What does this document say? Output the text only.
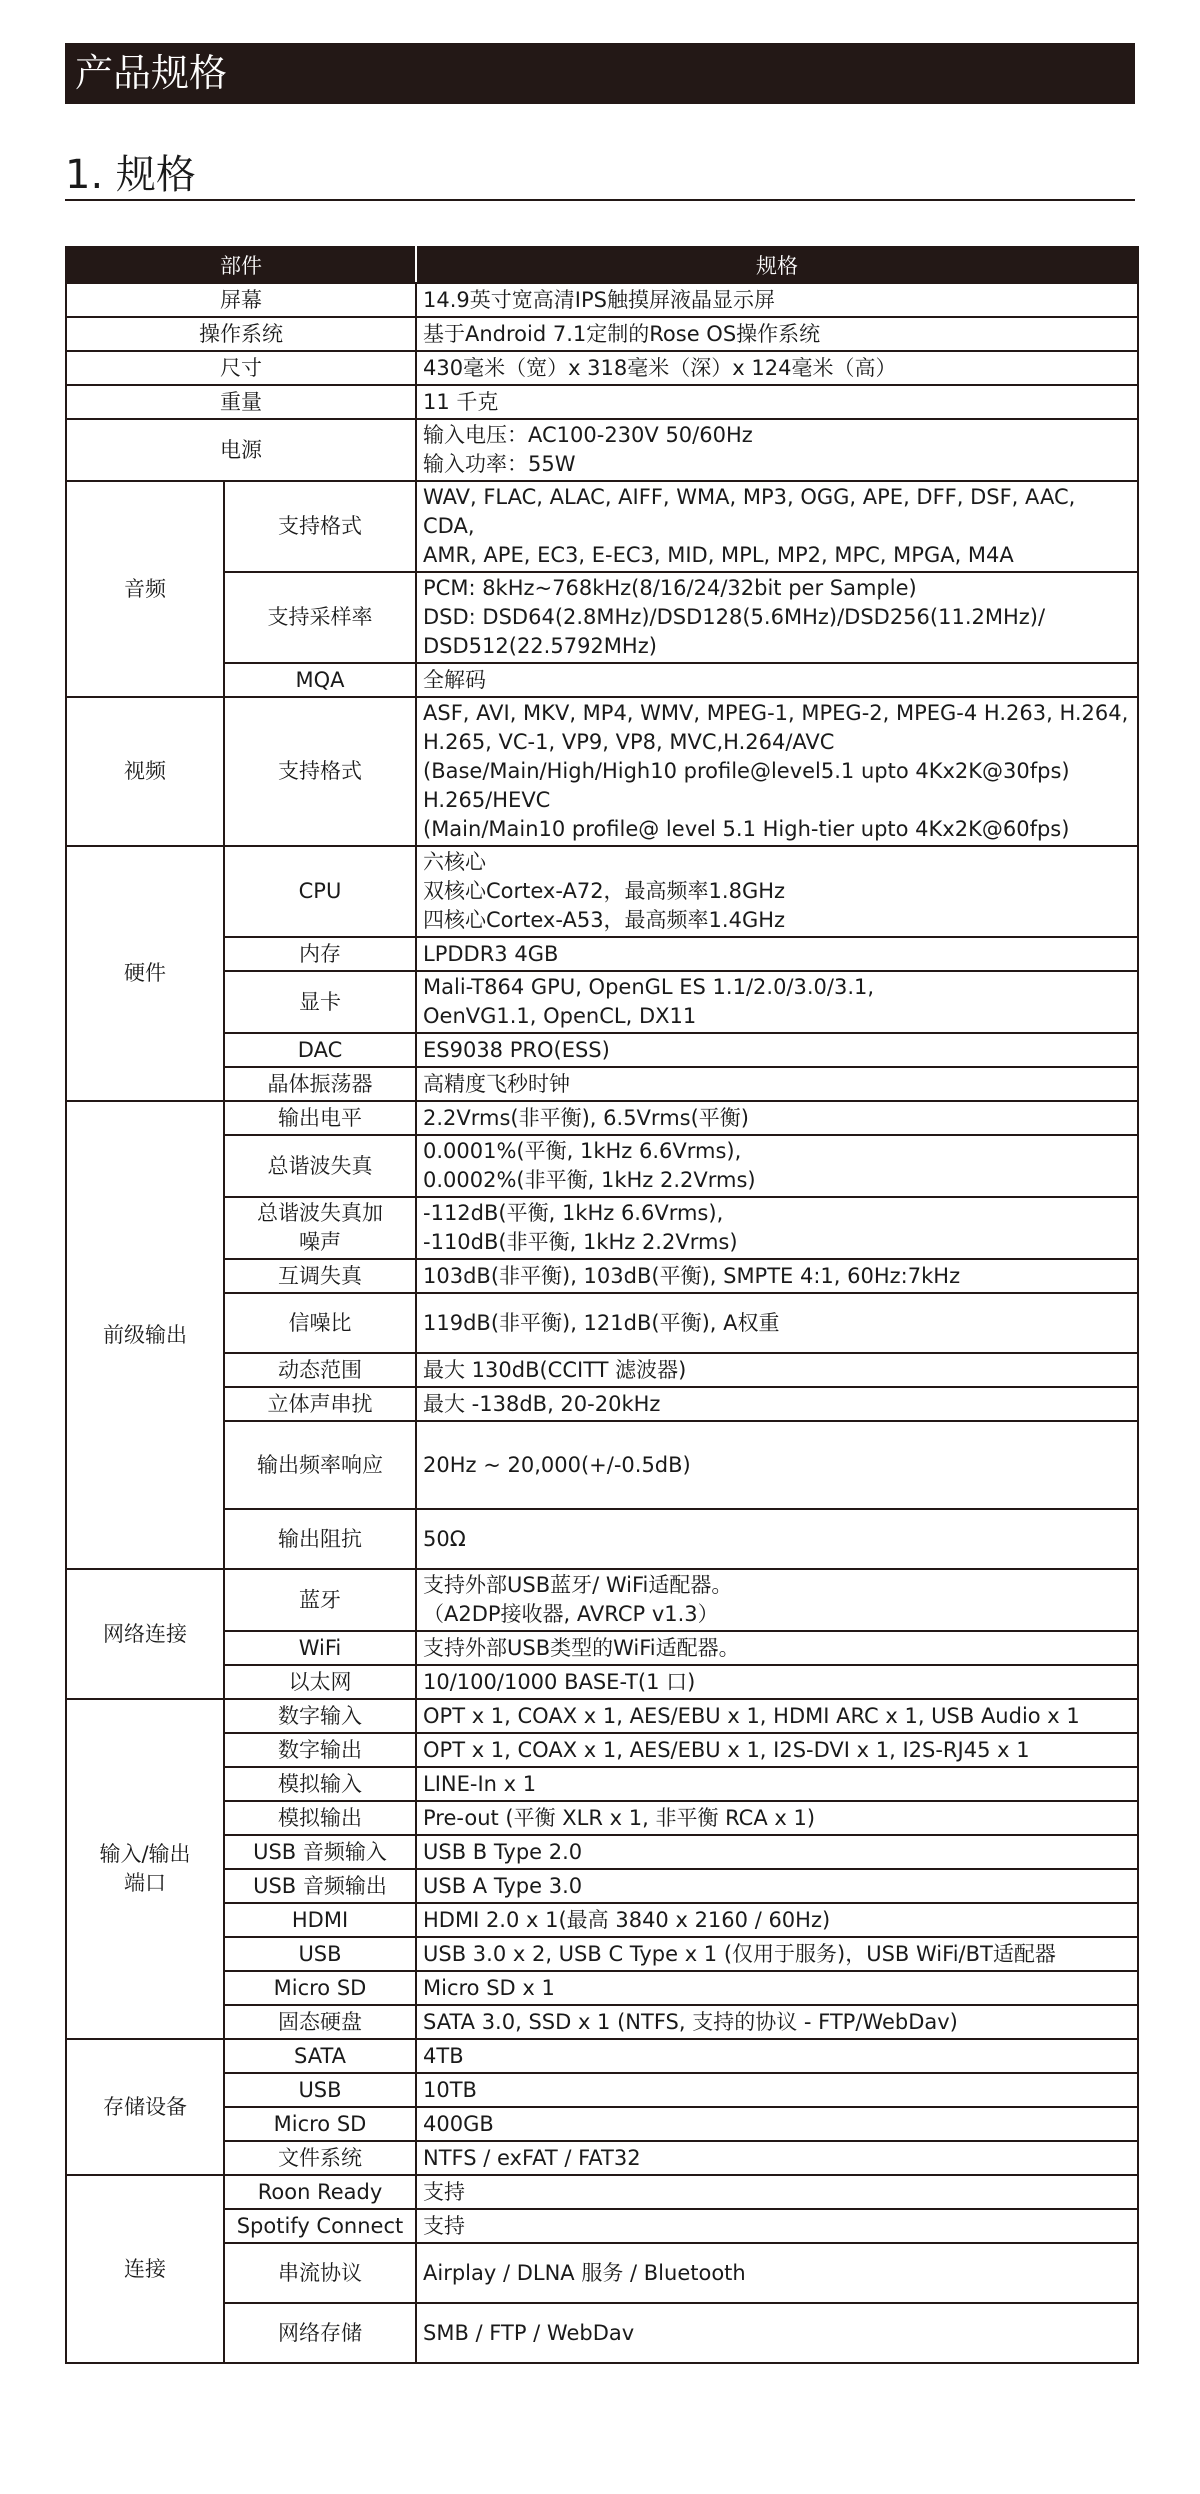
产品规格
1. 规格
部件		规格
屏幕		14.9英寸宽高清IPS触摸屏液晶显示屏
操作系统		基于Android 7.1定制的Rose OS操作系统
尺寸		430毫米（宽）x 318毫米（深）x 124毫米（高）
重量		11 千克
电源		输入电压：AC100-230V 50/60Hz
输入功率：55W
音频	支持格式	WAV, FLAC, ALAC, AIFF, WMA, MP3, OGG, APE, DFF, DSF, AAC, CDA,
AMR, APE, EC3, E-EC3, MID, MPL, MP2, MPC, MPGA, M4A
	支持采样率	PCM: 8kHz~768kHz(8/16/24/32bit per Sample)
DSD: DSD64(2.8MHz)/DSD128(5.6MHz)/DSD256(11.2MHz)/
DSD512(22.5792MHz)
	MQA	全解码
视频	支持格式	ASF, AVI, MKV, MP4, WMV, MPEG-1, MPEG-2, MPEG-4 H.263, H.264,
H.265, VC-1, VP9, VP8, MVC,H.264/AVC
(Base/Main/High/High10 profile@level5.1 upto 4Kx2K@30fps)
H.265/HEVC
(Main/Main10 profile@ level 5.1 High-tier upto 4Kx2K@60fps)
硬件	CPU	六核心
双核心Cortex-A72，最高频率1.8GHz
四核心Cortex-A53，最高频率1.4GHz
	内存	LPDDR3 4GB
	显卡	Mali-T864 GPU, OpenGL ES 1.1/2.0/3.0/3.1,
OenVG1.1, OpenCL, DX11
	DAC	ES9038 PRO(ESS)
	晶体振荡器	高精度飞秒时钟
前级输出	输出电平	2.2Vrms(非平衡), 6.5Vrms(平衡)
	总谐波失真	0.0001%(平衡, 1kHz 6.6Vrms),
0.0002%(非平衡, 1kHz 2.2Vrms)
	总谐波失真加
噪声	-112dB(平衡, 1kHz 6.6Vrms),
-110dB(非平衡, 1kHz 2.2Vrms)
	互调失真	103dB(非平衡), 103dB(平衡), SMPTE 4:1, 60Hz:7kHz
	信噪比	119dB(非平衡), 121dB(平衡), A权重
	动态范围	最大 130dB(CCITT 滤波器)
	立体声串扰	最大 -138dB, 20-20kHz
	输出频率响应	20Hz ~ 20,000(+/-0.5dB)
	输出阻抗	50Ω
网络连接	蓝牙	支持外部USB蓝牙/ WiFi适配器。
（A2DP接收器, AVRCP v1.3）
	WiFi	支持外部USB类型的WiFi适配器。
	以太网	10/100/1000 BASE-T(1 口)
输入/输出
端口	数字输入	OPT x 1, COAX x 1, AES/EBU x 1, HDMI ARC x 1, USB Audio x 1
	数字输出	OPT x 1, COAX x 1, AES/EBU x 1, I2S-DVI x 1, I2S-RJ45 x 1
	模拟输入	LINE-In x 1
	模拟输出	Pre-out (平衡 XLR x 1, 非平衡 RCA x 1)
	USB 音频输入	USB B Type 2.0
	USB 音频输出	USB A Type 3.0
	HDMI	HDMI 2.0 x 1(最高 3840 x 2160 / 60Hz)
	USB	USB 3.0 x 2, USB C Type x 1 (仅用于服务)，USB WiFi/BT适配器
	Micro SD	Micro SD x 1
	固态硬盘	SATA 3.0, SSD x 1 (NTFS, 支持的协议 - FTP/WebDav)
存储设备	SATA	4TB
	USB	10TB
	Micro SD	400GB
	文件系统	NTFS / exFAT / FAT32
连接	Roon Ready	支持
	Spotify Connect	支持
	串流协议	Airplay / DLNA 服务 / Bluetooth
	网络存储	SMB / FTP / WebDav
